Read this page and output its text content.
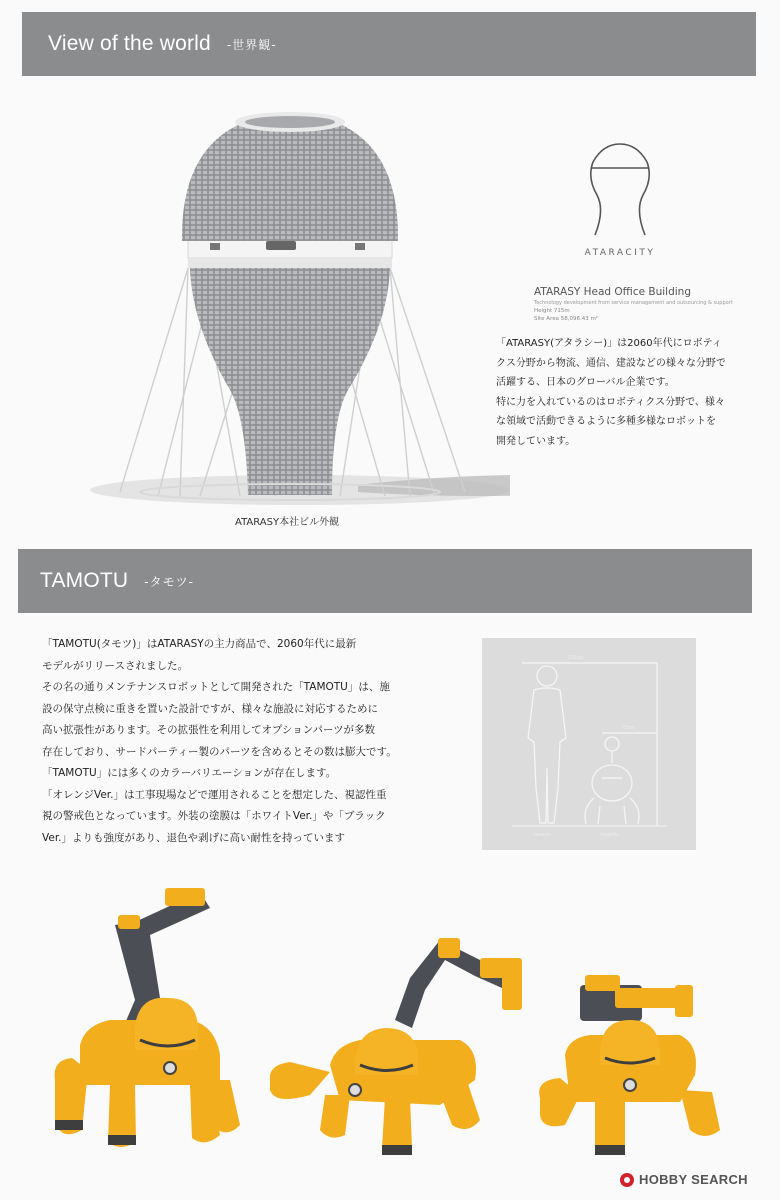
View of the world -世界観-
ATARASY本社ビル外観
ATARACITY
ATARASY Head Office Building
Technology development from service management and outsourcing & support
Height 715m
Site Area 58,096.43 m²
「ATARASY(アタラシー)」は2060年代にロボティ
クス分野から物流、通信、建設などの様々な分野で
活躍する、日本のグローバル企業です。
特に力を入れているのはロボティクス分野で、様々
な領域で活動できるように多種多様なロボットを
開発しています。
TAMOTU -タモツ-
「TAMOTU(タモツ)」はATARASYの主力商品で、2060年代に最新
モデルがリリースされました。
その名の通りメンテナンスロボットとして開発された「TAMOTU」は、施
設の保守点検に重きを置いた設計ですが、様々な施設に対応するために
高い拡張性があります。その拡張性を利用してオプションパーツが多数
存在しており、サードパーティー製のパーツを含めるとその数は膨大です。
「TAMOTU」には多くのカラーバリエーションが存在します。
「オレンジVer.」は工事現場などで運用されることを想定した、視認性重
視の警戒色となっています。外装の塗膜は「ホワイトVer.」や「ブラック
Ver.」よりも強度があり、退色や剥げに高い耐性を持っています
170cm
70cm
HUMAN	TAMOTU
HOBBY SEARCH
